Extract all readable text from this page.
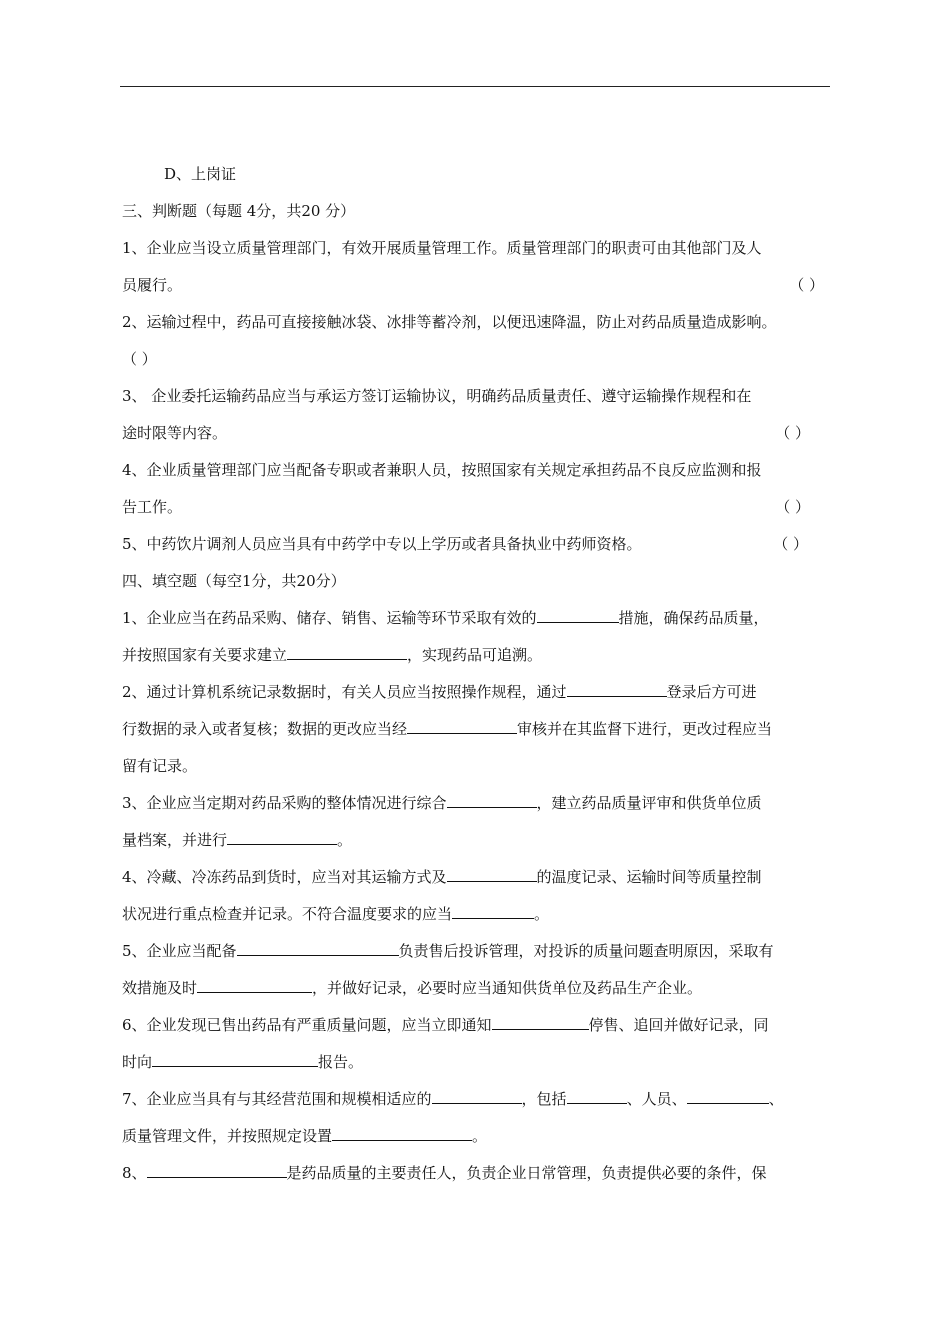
D、上岗证
三、判断题（每题 4分，共20 分）
1、企业应当设立质量管理部门，有效开展质量管理工作。质量管理部门的职责可由其他部门及人
员履行。	（ ）
2、运输过程中，药品可直接接触冰袋、冰排等蓄冷剂，以便迅速降温，防止对药品质量造成影响。
（ ）
3、 企业委托运输药品应当与承运方签订运输协议，明确药品质量责任、遵守运输操作规程和在
途时限等内容。	（ ）
4、企业质量管理部门应当配备专职或者兼职人员，按照国家有关规定承担药品不良反应监测和报
告工作。	（ ）
5、中药饮片调剂人员应当具有中药学中专以上学历或者具备执业中药师资格。	（ ）
四、填空题（每空1分，共20分）
1、企业应当在药品采购、储存、销售、运输等环节采取有效的	措施，确保药品质量，
并按照国家有关要求建立	，实现药品可追溯。
2、通过计算机系统记录数据时，有关人员应当按照操作规程，通过	登录后方可进
行数据的录入或者复核；数据的更改应当经	审核并在其监督下进行，更改过程应当
留有记录。
3、企业应当定期对药品采购的整体情况进行综合	，建立药品质量评审和供货单位质
量档案，并进行	。
4、冷藏、冷冻药品到货时，应当对其运输方式及	的温度记录、运输时间等质量控制
状况进行重点检查并记录。不符合温度要求的应当	。
5、企业应当配备	负责售后投诉管理，对投诉的质量问题查明原因，采取有
效措施及时	，并做好记录，必要时应当通知供货单位及药品生产企业。
6、企业发现已售出药品有严重质量问题，应当立即通知	停售、追回并做好记录，同
时向	报告。
7、企业应当具有与其经营范围和规模相适应的	，包括	、人员、	、
质量管理文件，并按照规定设置	。
8、	是药品质量的主要责任人，负责企业日常管理，负责提供必要的条件，保
